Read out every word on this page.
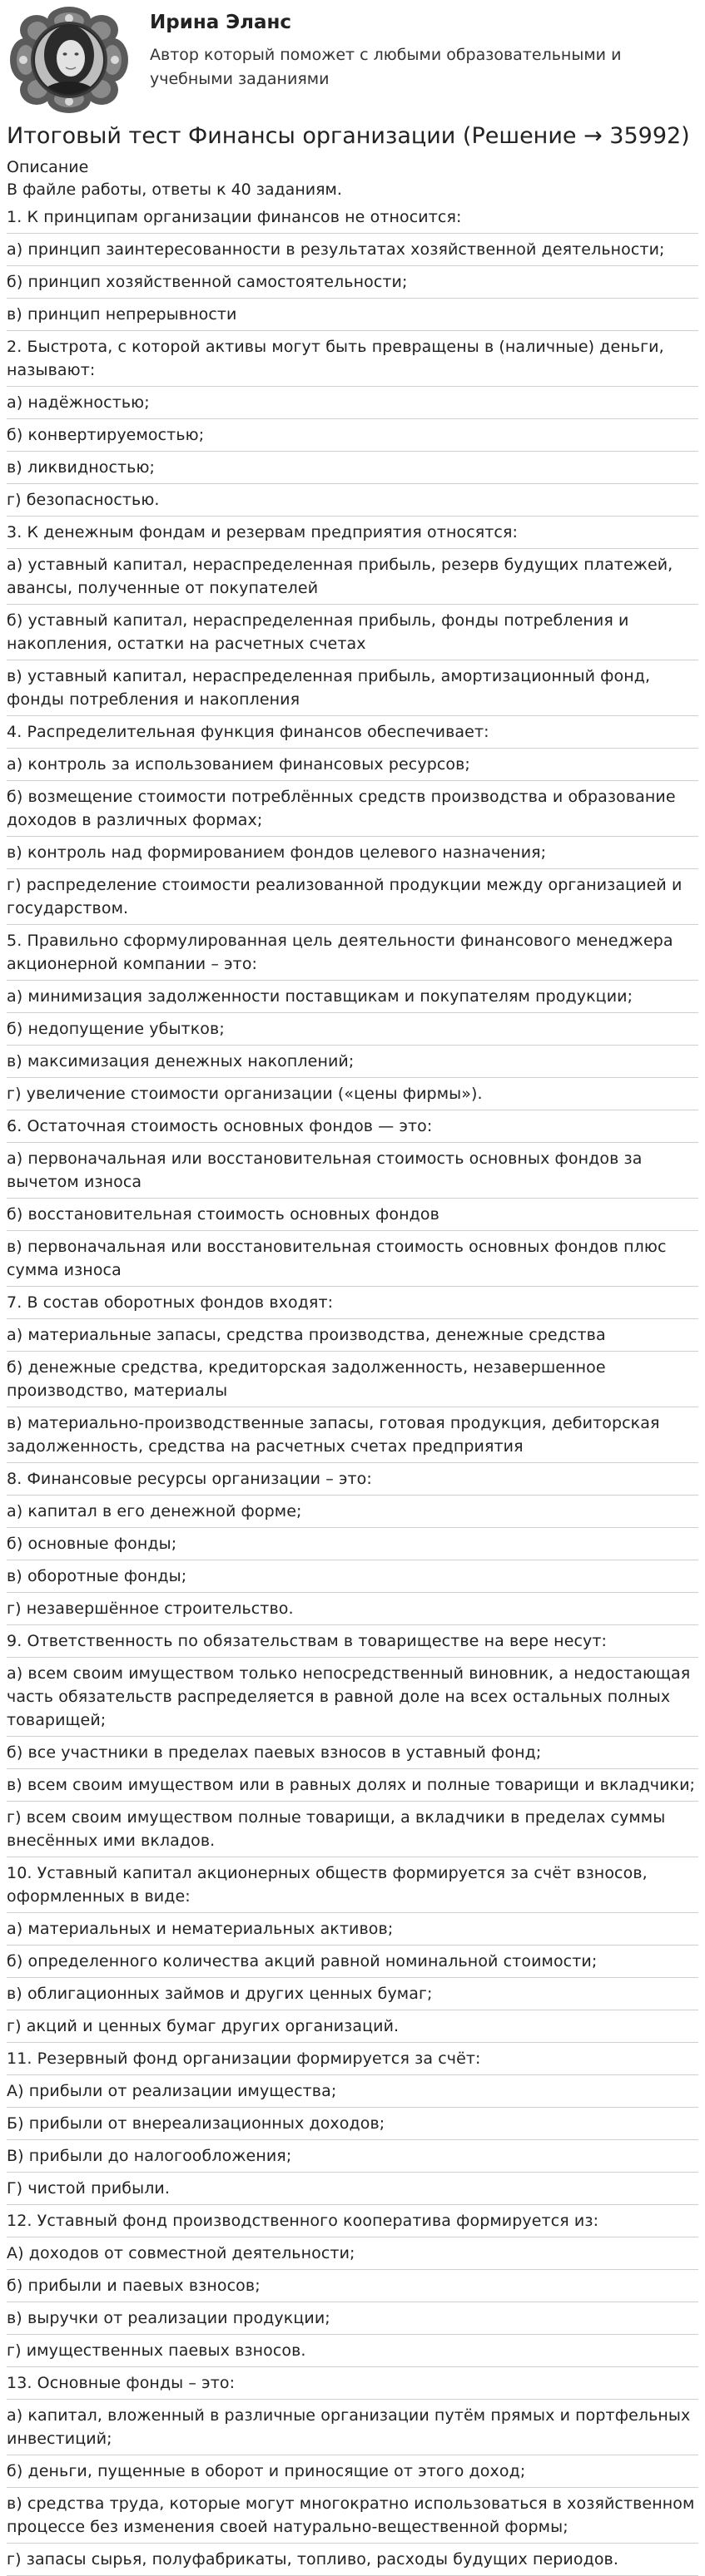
Ирина Эланс
Автор который поможет с любыми образовательными и учебными заданиями
Итоговый тест Финансы организации (Решение → 35992)
Описание
В файле работы, ответы к 40 заданиям.
1. К принципам организации финансов не относится:
а) принцип заинтересованности в результатах хозяйственной деятельности;
б) принцип хозяйственной самостоятельности;
в) принцип непрерывности
2. Быстрота, с которой активы могут быть превращены в (наличные) деньги, называют:
а) надёжностью;
б) конвертируемостью;
в) ликвидностью;
г) безопасностью.
3. К денежным фондам и резервам предприятия относятся:
а) уставный капитал, нераспределенная прибыль, резерв будущих платежей, авансы, полученные от покупателей
б) уставный капитал, нераспределенная прибыль, фонды потребления и накопления, остатки на расчетных счетах
в) уставный капитал, нераспределенная прибыль, амортизационный фонд, фонды потребления и накопления
4. Распределительная функция финансов обеспечивает:
а) контроль за использованием финансовых ресурсов;
б) возмещение стоимости потреблённых средств производства и образование доходов в различных формах;
в) контроль над формированием фондов целевого назначения;
г) распределение стоимости реализованной продукции между организацией и государством.
5. Правильно сформулированная цель деятельности финансового менеджера акционерной компании – это:
а) минимизация задолженности поставщикам и покупателям продукции;
б) недопущение убытков;
в) максимизация денежных накоплений;
г) увеличение стоимости организации («цены фирмы»).
6. Остаточная стоимость основных фондов — это:
а) первоначальная или восстановительная стоимость основных фондов за вычетом износа
б) восстановительная стоимость основных фондов
в) первоначальная или восстановительная стоимость основных фондов плюс сумма износа
7. В состав оборотных фондов входят:
а) материальные запасы, средства производства, денежные средства
б) денежные средства, кредиторская задолженность, незавершенное производство, материалы
в) материально-производственные запасы, готовая продукция, дебиторская задолженность, средства на расчетных счетах предприятия
8. Финансовые ресурсы организации – это:
а) капитал в его денежной форме;
б) основные фонды;
в) оборотные фонды;
г) незавершённое строительство.
9. Ответственность по обязательствам в товариществе на вере несут:
а) всем своим имуществом только непосредственный виновник, а недостающая часть обязательств распределяется в равной доле на всех остальных полных товарищей;
б) все участники в пределах паевых взносов в уставный фонд;
в) всем своим имуществом или в равных долях и полные товарищи и вкладчики;
г) всем своим имуществом полные товарищи, а вкладчики в пределах суммы внесённых ими вкладов.
10. Уставный капитал акционерных обществ формируется за счёт взносов, оформленных в виде:
а) материальных и нематериальных активов;
б) определенного количества акций равной номинальной стоимости;
в) облигационных займов и других ценных бумаг;
г) акций и ценных бумаг других организаций.
11. Резервный фонд организации формируется за счёт:
А) прибыли от реализации имущества;
Б) прибыли от внереализационных доходов;
В) прибыли до налогообложения;
Г) чистой прибыли.
12. Уставный фонд производственного кооператива формируется из:
А) доходов от совместной деятельности;
б) прибыли и паевых взносов;
в) выручки от реализации продукции;
г) имущественных паевых взносов.
13. Основные фонды – это:
а) капитал, вложенный в различные организации путём прямых и портфельных инвестиций;
б) деньги, пущенные в оборот и приносящие от этого доход;
в) средства труда, которые могут многократно использоваться в хозяйственном процессе без изменения своей натурально-вещественной формы;
г) запасы сырья, полуфабрикаты, топливо, расходы будущих периодов.
